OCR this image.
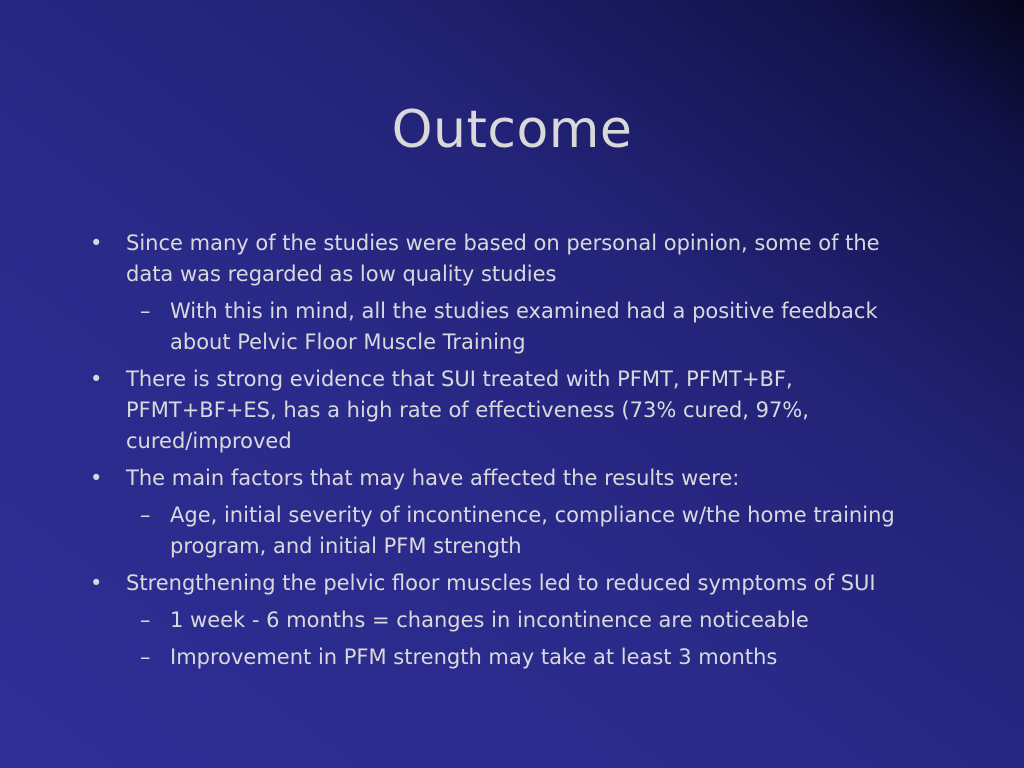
Outcome
• Since many of the studies were based on personal opinion, some of the data was regarded as low quality studies
– With this in mind, all the studies examined had a positive feedback about Pelvic Floor Muscle Training
• There is strong evidence that SUI treated with PFMT, PFMT+BF, PFMT+BF+ES, has a high rate of effectiveness (73% cured, 97%, cured/improved
• The main factors that may have affected the results were:
– Age, initial severity of incontinence, compliance w/the home training program, and initial PFM strength
• Strengthening the pelvic floor muscles led to reduced symptoms of SUI
– 1 week - 6 months = changes in incontinence are noticeable
– Improvement in PFM strength may take at least 3 months
